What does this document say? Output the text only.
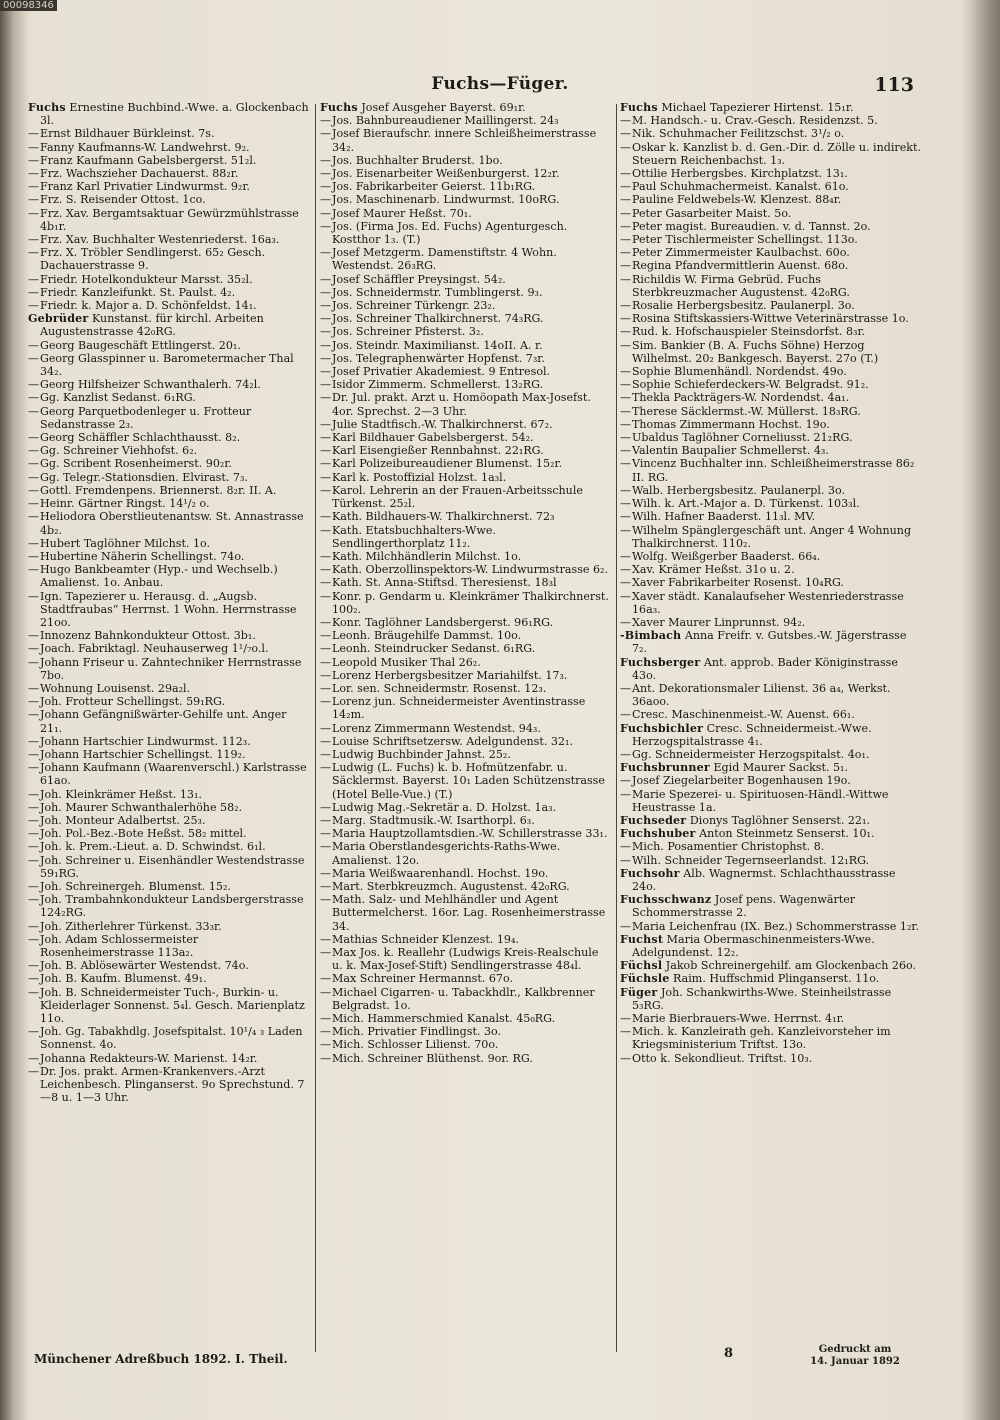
00098346
Fuchs—Füger.	113

Fuchs Ernestine Buchbind.-Wwe. a. Glockenbach 3l.

—Ernst Bildhauer Bürkleinst. 7s.

—Fanny Kaufmanns-W. Landwehrst. 9₂.

—Franz Kaufmann Gabelsbergerst. 51₂l.

—Frz. Wachszieher Dachauerst. 88₂r.

—Franz Karl Privatier Lindwurmst. 9₂r.

—Frz. S. Reisender Ottost. 1co.

—Frz. Xav. Bergamtsaktuar Gewürzmühlstrasse 4b₁r.

—Frz. Xav. Buchhalter Westenriederst. 16a₃.

—Frz. X. Tröbler Sendlingerst. 65₂ Gesch. Dachauerstrasse 9.

—Friedr. Hotelkondukteur Marsst. 35₂l.

—Friedr. Kanzleifunkt. St. Paulst. 4₂.

—Friedr. k. Major a. D. Schönfeldst. 14₁.

Gebrüder Kunstanst. für kirchl. Arbeiten Augustenstrasse 42₀RG.

—Georg Baugeschäft Ettlingerst. 20₁.

—Georg Glasspinner u. Barometermacher Thal 34₂.

—Georg Hilfsheizer Schwanthalerh. 74₂l.

—Gg. Kanzlist Sedanst. 6₁RG.

—Georg Parquetbodenleger u. Frotteur Sedanstrasse 2₃.

—Georg Schäffler Schlachthausst. 8₂.

—Gg. Schreiner Viehhofst. 6₂.

—Gg. Scribent Rosenheimerst. 90₂r.

—Gg. Telegr.-Stationsdien. Elvirast. 7₃.

—Gottl. Fremdenpens. Briennerst. 8₂r. II. A.

—Heinr. Gärtner Ringst. 14¹/₂ o.

—Heliodora Oberstlieutenantsw. St. Annastrasse 4b₂.

—Hubert Taglöhner Milchst. 1o.

—Hubertine Näherin Schellingst. 74o.

—Hugo Bankbeamter (Hyp.- und Wechselb.) Amalienst. 1o. Anbau.

—Ign. Tapezierer u. Herausg. d. „Augsb. Stadtfraubas“ Herrnst. 1 Wohn. Herrnstrasse 21oo.

—Innozenz Bahnkondukteur Ottost. 3b₁.

—Joach. Fabriktagl. Neuhauserweg 1¹/₇o.l.

—Johann Friseur u. Zahntechniker Herrnstrasse 7bo.

—Wohnung Louisenst. 29a₂l.

—Joh. Frotteur Schellingst. 59₁RG.

—Johann Gefängnißwärter-Gehilfe unt. Anger 21₁.

—Johann Hartschier Lindwurmst. 112₃.

—Johann Hartschier Schellingst. 119₂.

—Johann Kaufmann (Waarenverschl.) Karlstrasse 61ao.

—Joh. Kleinkrämer Heßst. 13₁.

—Joh. Maurer Schwanthalerhöhe 58₂.

—Joh. Monteur Adalbertst. 25₃.

—Joh. Pol.-Bez.-Bote Heßst. 58₂ mittel.

—Joh. k. Prem.-Lieut. a. D. Schwindst. 6₁l.

—Joh. Schreiner u. Eisenhändler Westendstrasse 59₁RG.

—Joh. Schreinergeh. Blumenst. 15₂.

—Joh. Trambahnkondukteur Landsbergerstrasse 124₂RG.

—Joh. Zitherlehrer Türkenst. 33₃r.

—Joh. Adam Schlossermeister Rosenheimerstrasse 113a₂.

—Joh. B. Ablösewärter Westendst. 74o.

—Joh. B. Kaufm. Blumenst. 49₁.

—Joh. B. Schneidermeister Tuch-, Burkin- u. Kleiderlager Sonnenst. 5₄l. Gesch. Marienplatz 11o.

—Joh. Gg. Tabakhdlg. Josefspitalst. 10¹/₄ ₃ Laden Sonnenst. 4o.

—Johanna Redakteurs-W. Marienst. 14₂r.

—Dr. Jos. prakt. Armen-Krankenvers.-Arzt Leichenbesch. Plinganserst. 9o Sprechstund. 7—8 u. 1—3 Uhr.

Fuchs Josef Ausgeher Bayerst. 69₁r.

—Jos. Bahnbureaudiener Maillingerst. 24₃

—Josef Bieraufschr. innere Schleißheimerstrasse 34₂.

—Jos. Buchhalter Bruderst. 1bo.

—Jos. Eisenarbeiter Weißenburgerst. 12₂r.

—Jos. Fabrikarbeiter Geierst. 11b₁RG.

—Jos. Maschinenarb. Lindwurmst. 10oRG.

—Josef Maurer Heßst. 70₁.

—Jos. (Firma Jos. Ed. Fuchs) Agenturgesch. Kostthor 1₃. (T.)

—Josef Metzgerm. Damenstiftstr. 4 Wohn. Westendst. 26₃RG.

—Josef Schäffler Preysingst. 54₂.

—Jos. Schneidermstr. Tumblingerst. 9₃.

—Jos. Schreiner Türkengr. 23₂.

—Jos. Schreiner Thalkirchnerst. 74₃RG.

—Jos. Schreiner Pfisterst. 3₂.

—Jos. Steindr. Maximilianst. 14oII. A. r.

—Jos. Telegraphenwärter Hopfenst. 7₃r.

—Josef Privatier Akademiest. 9 Entresol.

—Isidor Zimmerm. Schmellerst. 13₂RG.

—Dr. Jul. prakt. Arzt u. Homöopath Max-Josefst. 4or. Sprechst. 2—3 Uhr.

—Julie Stadtfisch.-W. Thalkirchnerst. 67₂.

—Karl Bildhauer Gabelsbergerst. 54₂.

—Karl Eisengießer Rennbahnst. 22₁RG.

—Karl Polizeibureaudiener Blumenst. 15₂r.

—Karl k. Postoffizial Holzst. 1a₃l.

—Karol. Lehrerin an der Frauen-Arbeitsschule Türkenst. 25₂l.

—Kath. Bildhauers-W. Thalkirchnerst. 72₃

—Kath. Etatsbuchhalters-Wwe. Sendlingerthorplatz 11₂.

—Kath. Milchhändlerin Milchst. 1o.

—Kath. Oberzollinspektors-W. Lindwurmstrasse 6₂.

—Kath. St. Anna-Stiftsd. Theresienst. 18₃l

—Konr. p. Gendarm u. Kleinkrämer Thalkirchnerst. 100₂.

—Konr. Taglöhner Landsbergerst. 96₁RG.

—Leonh. Bräugehilfe Dammst. 10o.

—Leonh. Steindrucker Sedanst. 6₁RG.

—Leopold Musiker Thal 26₂.

—Lorenz Herbergsbesitzer Mariahilfst. 17₃.

—Lor. sen. Schneidermstr. Rosenst. 12₃.

—Lorenz jun. Schneidermeister Aventinstrasse 14₂m.

—Lorenz Zimmermann Westendst. 94₃.

—Louise Schriftsetzersw. Adelgundenst. 32₁.

—Ludwig Buchbinder Jahnst. 25₂.

—Ludwig (L. Fuchs) k. b. Hofmützenfabr. u. Säcklermst. Bayerst. 10₁ Laden Schützenstrasse (Hotel Belle-Vue.) (T.)

—Ludwig Mag.-Sekretär a. D. Holzst. 1a₃.

—Marg. Stadtmusik.-W. Isarthorpl. 6₃.

—Maria Hauptzollamtsdien.-W. Schillerstrasse 33₁.

—Maria Oberstlandesgerichts-Raths-Wwe. Amalienst. 12o.

—Maria Weißwaarenhandl. Hochst. 19o.

—Mart. Sterbkreuzmch. Augustenst. 42₀RG.

—Math. Salz- und Mehlhändler und Agent Buttermelcherst. 16or. Lag. Rosenheimerstrasse 34.

—Mathias Schneider Klenzest. 19₄.

—Max Jos. k. Reallehr (Ludwigs Kreis-Realschule u. k. Max-Josef-Stift) Sendlingerstrasse 48₄l.

—Max Schreiner Hermannst. 67o.

—Michael Cigarren- u. Tabackhdlr., Kalkbrenner Belgradst. 1o.

—Mich. Hammerschmied Kanalst. 45₀RG.

—Mich. Privatier Findlingst. 3o.

—Mich. Schlosser Lilienst. 70o.

—Mich. Schreiner Blüthenst. 9or. RG.

Fuchs Michael Tapezierer Hirtenst. 15₁r.

—M. Handsch.- u. Crav.-Gesch. Residenzst. 5.

—Nik. Schuhmacher Feilitzschst. 3¹/₂ o.

—Oskar k. Kanzlist b. d. Gen.-Dir. d. Zölle u. indirekt. Steuern Reichenbachst. 1₃.

—Ottilie Herbergsbes. Kirchplatzst. 13₁.

—Paul Schuhmachermeist. Kanalst. 61o.

—Pauline Feldwebels-W. Klenzest. 88₄r.

—Peter Gasarbeiter Maist. 5o.

—Peter magist. Bureaudien. v. d. Tannst. 2o.

—Peter Tischlermeister Schellingst. 113o.

—Peter Zimmermeister Kaulbachst. 60o.

—Regina Pfandvermittlerin Auenst. 68o.

—Richildis W. Firma Gebrüd. Fuchs Sterbkreuzmacher Augustenst. 42₀RG.

—Rosalie Herbergsbesitz. Paulanerpl. 3o.

—Rosina Stiftskassiers-Wittwe Veterinärstrasse 1o.

—Rud. k. Hofschauspieler Steinsdorfst. 8₃r.

—Sim. Bankier (B. A. Fuchs Söhne) Herzog Wilhelmst. 20₂ Bankgesch. Bayerst. 27o (T.)

—Sophie Blumenhändl. Nordendst. 49o.

—Sophie Schieferdeckers-W. Belgradst. 91₂.

—Thekla Packträgers-W. Nordendst. 4a₁.

—Therese Säcklermst.-W. Müllerst. 18₃RG.

—Thomas Zimmermann Hochst. 19o.

—Ubaldus Taglöhner Corneliusst. 21₂RG.

—Valentin Baupalier Schmellerst. 4₃.

—Vincenz Buchhalter inn. Schleißheimerstrasse 86₂ II. RG.

—Walb. Herbergsbesitz. Paulanerpl. 3o.

—Wilh. k. Art.-Major a. D. Türkenst. 103₃l.

—Wilh. Hafner Baaderst. 11₃l. MV.

—Wilhelm Spänglergeschäft unt. Anger 4 Wohnung Thalkirchnerst. 110₂.

—Wolfg. Weißgerber Baaderst. 66₄.

—Xav. Krämer Heßst. 31o u. 2.

—Xaver Fabrikarbeiter Rosenst. 10₄RG.

—Xaver städt. Kanalaufseher Westenriederstrasse 16a₃.

—Xaver Maurer Linprunnst. 94₂.

-Bimbach Anna Freifr. v. Gutsbes.-W. Jägerstrasse 7₂.

Fuchsberger Ant. approb. Bader Königinstrasse 43o.

—Ant. Dekorationsmaler Lilienst. 36 a₄, Werkst. 36aoo.

—Cresc. Maschinenmeist.-W. Auenst. 66₁.

Fuchsbichler Cresc. Schneidermeist.-Wwe. Herzogspitalstrasse 4₁.

—Gg. Schneidermeister Herzogspitalst. 4o₁.

Fuchsbrunner Egid Maurer Sackst. 5₁.

—Josef Ziegelarbeiter Bogenhausen 19o.

—Marie Spezerei- u. Spirituosen-Händl.-Wittwe Heustrasse 1a.

Fuchseder Dionys Taglöhner Senserst. 22₁.

Fuchshuber Anton Steinmetz Senserst. 10₁.

—Mich. Posamentier Christophst. 8.

—Wilh. Schneider Tegernseerlandst. 12₁RG.

Fuchsohr Alb. Wagnermst. Schlachthausstrasse 24o.

Fuchsschwanz Josef pens. Wagenwärter Schommerstrasse 2.

—Maria Leichenfrau (IX. Bez.) Schommerstrasse 1₂r.

Fuchst Maria Obermaschinenmeisters-Wwe. Adelgundenst. 12₂.

Füchsl Jakob Schreinergehilf. am Glockenbach 26o.

Füchsle Raim. Huffschmid Plinganserst. 11o.

Füger Joh. Schankwirths-Wwe. Steinheilstrasse 5₃RG.

—Marie Bierbrauers-Wwe. Herrnst. 4₁r.

—Mich. k. Kanzleirath geh. Kanzleivorsteher im Kriegsministerium Triftst. 13o.

—Otto k. Sekondlieut. Triftst. 10₃.

Münchener Adreßbuch 1892. I. Theil.	8	Gedruckt am
14. Januar 1892
